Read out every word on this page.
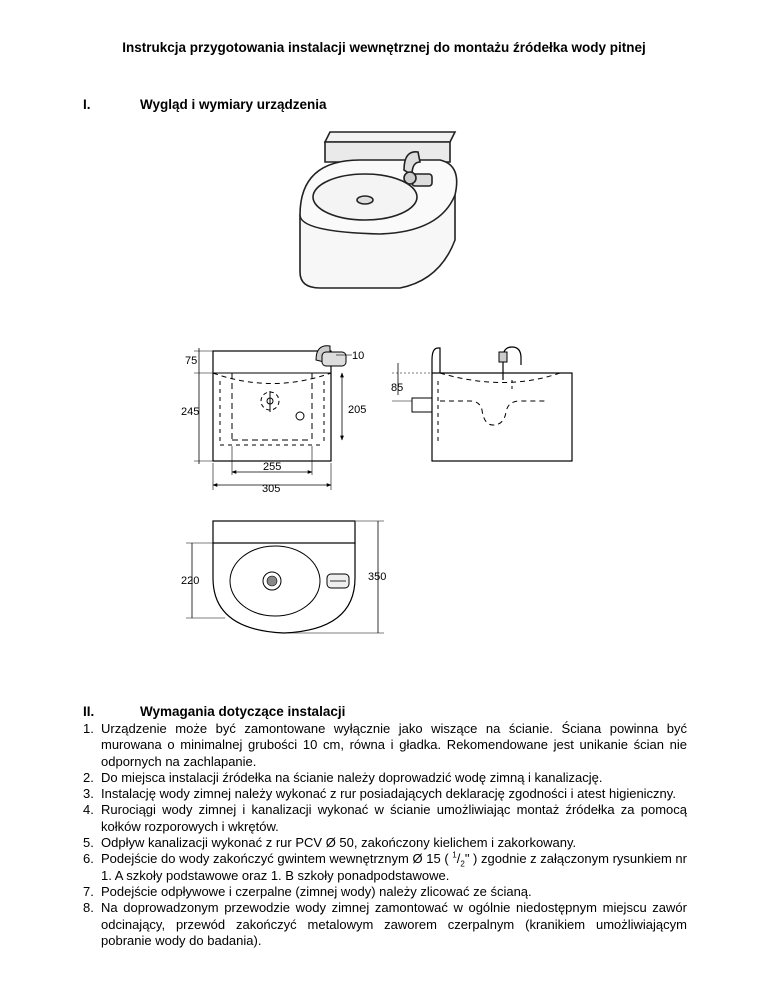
Instrukcja przygotowania instalacji wewnętrznej do montażu źródełka wody pitnej
I.	Wygląd i wymiary urządzenia
75
245
10
205
255
305
85
220	350
II.	Wymagania dotyczące instalacji
1. Urządzenie może być zamontowane wyłącznie jako wiszące na ścianie. Ściana powinna być murowana o minimalnej grubości 10 cm, równa i gładka. Rekomendowane jest unikanie ścian nie odpornych na zachlapanie.
2. Do miejsca instalacji źródełka na ścianie należy doprowadzić wodę zimną i kanalizację.
3. Instalację wody zimnej należy wykonać z rur posiadających deklarację zgodności i atest higieniczny.
4. Rurociągi wody zimnej i kanalizacji wykonać w ścianie umożliwiając montaż źródełka za pomocą kołków rozporowych i wkrętów.
5. Odpływ kanalizacji wykonać z rur PCV Ø 50, zakończony kielichem i zakorkowany.
6. Podejście do wody zakończyć gwintem wewnętrznym Ø 15 ( $^1/_2$" ) zgodnie z załączonym rysunkiem nr 1. A szkoły podstawowe oraz 1. B szkoły ponadpodstawowe.
7. Podejście odpływowe i czerpalne (zimnej wody) należy zlicować ze ścianą.
8. Na doprowadzonym przewodzie wody zimnej zamontować w ogólnie niedostępnym miejscu zawór odcinający, przewód zakończyć metalowym zaworem czerpalnym (kranikiem umożliwiającym pobranie wody do badania).
